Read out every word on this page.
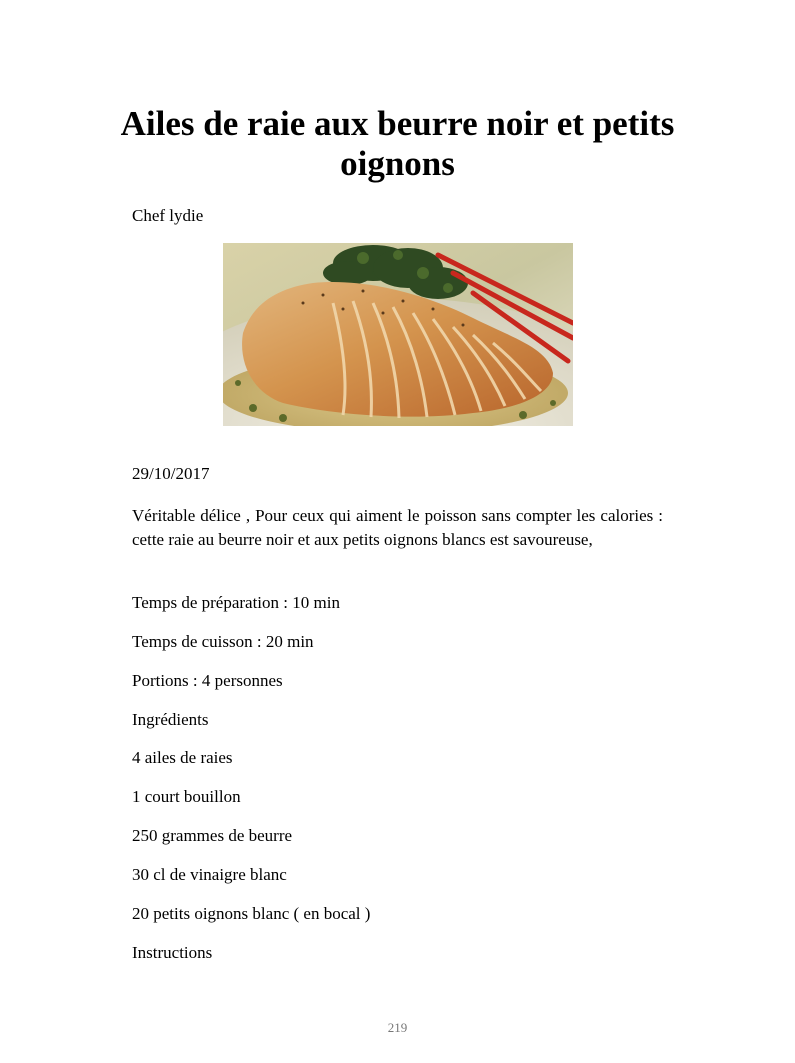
Ailes de raie aux beurre noir et petits oignons
Chef lydie
29/10/2017
Véritable délice , Pour ceux qui aiment le poisson sans compter les calories : cette raie au beurre noir et aux petits oignons blancs est savoureuse,
Temps de préparation : 10 min
Temps de cuisson : 20 min
Portions : 4 personnes
Ingrédients
4 ailes de raies
1 court bouillon
250 grammes de beurre
30 cl de vinaigre blanc
20 petits oignons blanc ( en bocal )
Instructions
219
